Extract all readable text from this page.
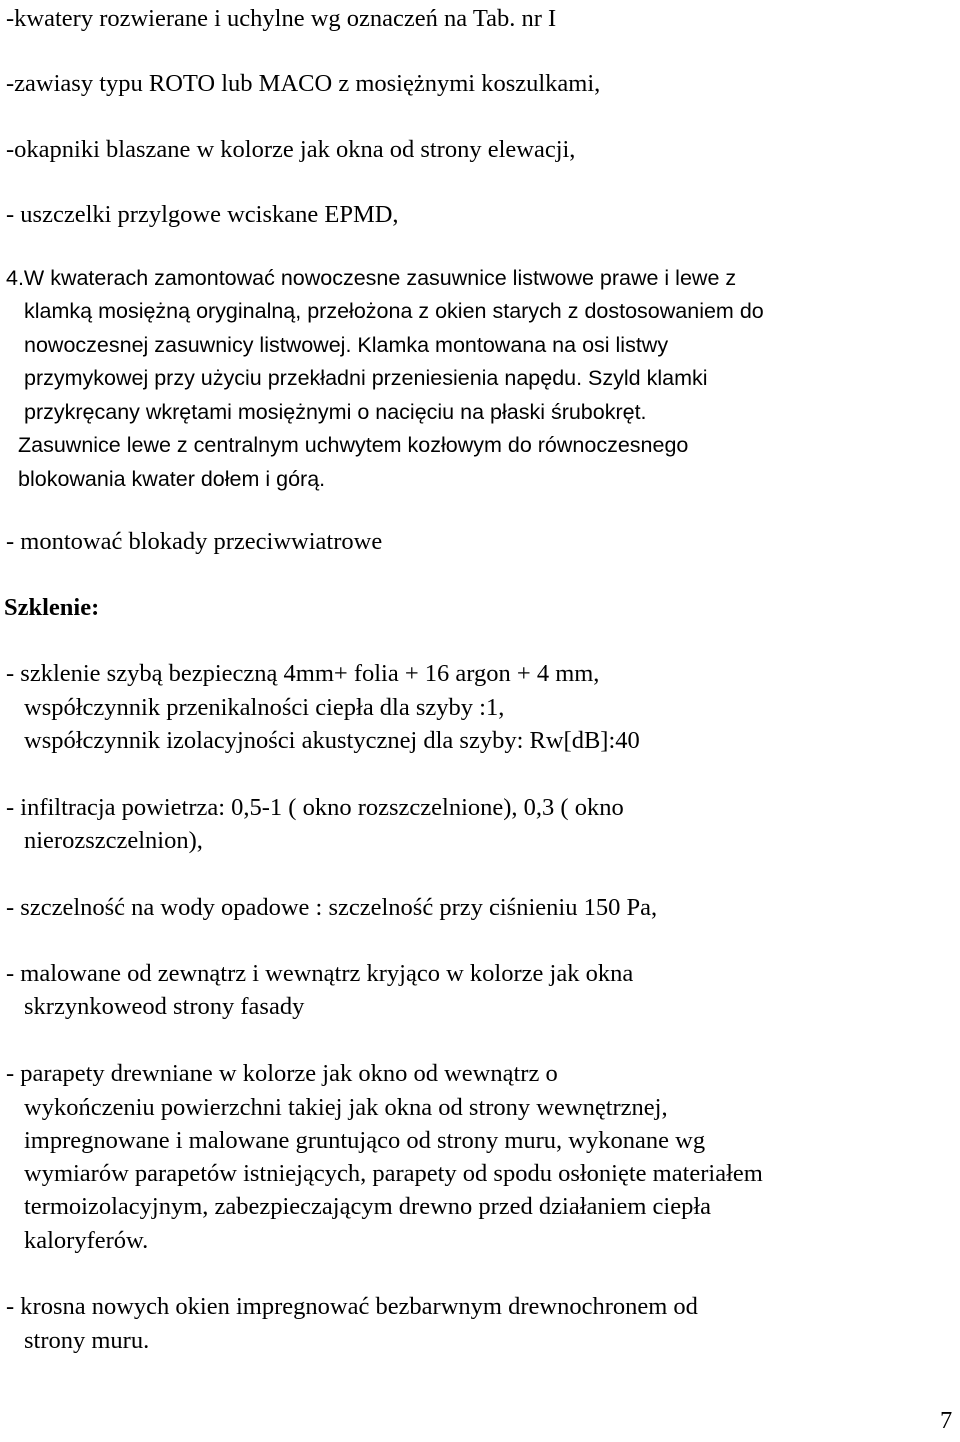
-kwatery rozwierane i uchylne wg oznaczeń na Tab. nr I
-zawiasy typu ROTO lub MACO z mosiężnymi koszulkami,
-okapniki blaszane w kolorze jak okna od strony elewacji,
- uszczelki przylgowe wciskane EPMD,
4.W kwaterach zamontować nowoczesne zasuwnice listwowe prawe i lewe z
klamką mosiężną oryginalną, przełożona z okien starych z dostosowaniem do
nowoczesnej zasuwnicy listwowej. Klamka montowana na osi listwy
przymykowej przy użyciu przekładni przeniesienia napędu. Szyld klamki
przykręcany wkrętami mosiężnymi o nacięciu na płaski śrubokręt.
Zasuwnice lewe z centralnym uchwytem kozłowym do równoczesnego
blokowania kwater dołem i górą.
- montować blokady przeciwwiatrowe
Szklenie:
- szklenie szybą bezpieczną 4mm+ folia + 16 argon + 4 mm,
współczynnik przenikalności ciepła dla szyby :1,
współczynnik izolacyjności akustycznej dla szyby: Rw[dB]:40
- infiltracja powietrza: 0,5-1 ( okno rozszczelnione), 0,3 ( okno
nierozszczelnion),
- szczelność na wody opadowe : szczelność przy ciśnieniu 150 Pa,
- malowane od zewnątrz i wewnątrz kryjąco w kolorze jak okna
skrzynkoweod strony fasady
- parapety drewniane w kolorze jak okno od wewnątrz o
wykończeniu powierzchni takiej jak okna od strony wewnętrznej,
impregnowane i malowane gruntująco od strony muru, wykonane wg
wymiarów parapetów istniejących, parapety od spodu osłonięte materiałem
termoizolacyjnym, zabezpieczającym drewno przed działaniem ciepła
kaloryferów.
- krosna nowych okien impregnować bezbarwnym drewnochronem od
strony muru.
7
